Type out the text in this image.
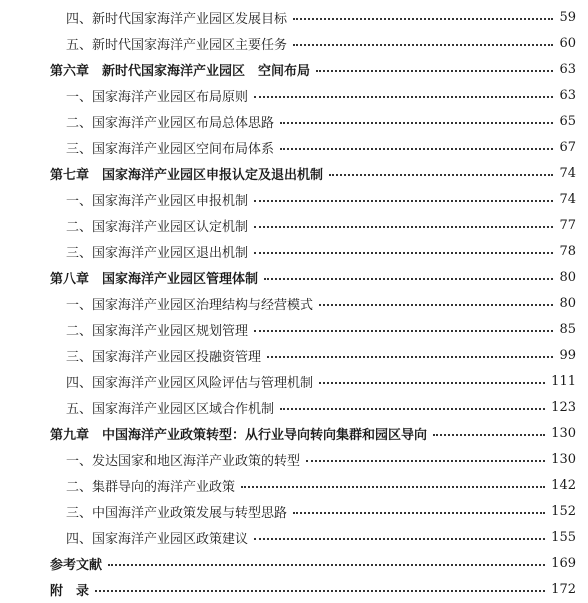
四、新时代国家海洋产业园区发展目标	59
五、新时代国家海洋产业园区主要任务	60
第六章　新时代国家海洋产业园区　空间布局	63
一、国家海洋产业园区布局原则	63
二、国家海洋产业园区布局总体思路	65
三、国家海洋产业园区空间布局体系	67
第七章　国家海洋产业园区申报认定及退出机制	74
一、国家海洋产业园区申报机制	74
二、国家海洋产业园区认定机制	77
三、国家海洋产业园区退出机制	78
第八章　国家海洋产业园区管理体制	80
一、国家海洋产业园区治理结构与经营模式	80
二、国家海洋产业园区规划管理	85
三、国家海洋产业园区投融资管理	99
四、国家海洋产业园区风险评估与管理机制	111
五、国家海洋产业园区区域合作机制	123
第九章　中国海洋产业政策转型：从行业导向转向集群和园区导向	130
一、发达国家和地区海洋产业政策的转型	130
二、集群导向的海洋产业政策	142
三、中国海洋产业政策发展与转型思路	152
四、国家海洋产业园区政策建议	155
参考文献	169
附　录	172
